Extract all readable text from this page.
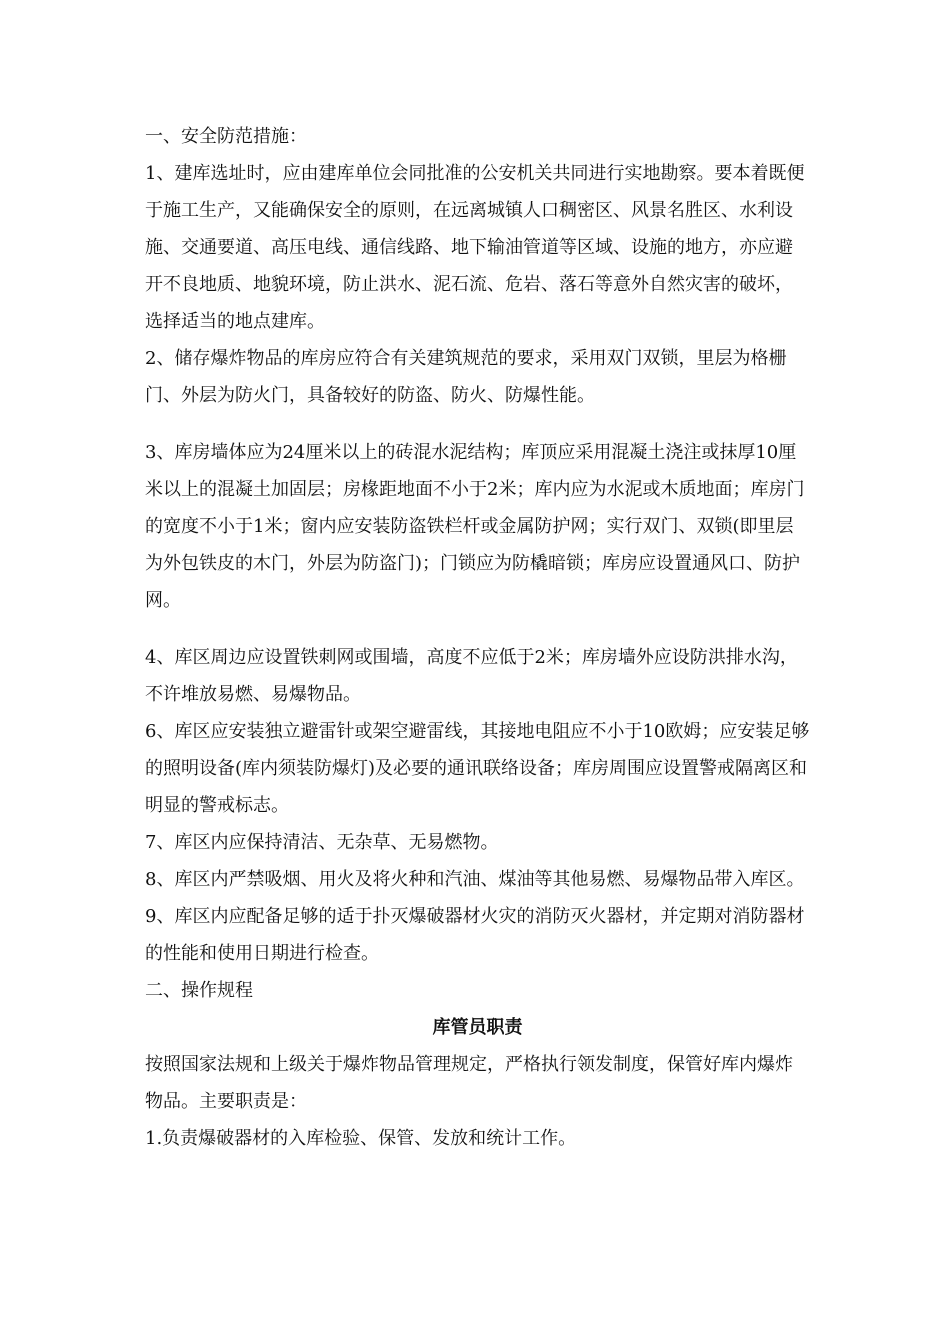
一、安全防范措施：

1、建库选址时，应由建库单位会同批准的公安机关共同进行实地勘察。要本着既便于施工生产，又能确保安全的原则，在远离城镇人口稠密区、风景名胜区、水利设施、交通要道、高压电线、通信线路、地下输油管道等区域、设施的地方，亦应避开不良地质、地貌环境，防止洪水、泥石流、危岩、落石等意外自然灾害的破坏，选择适当的地点建库。

2、储存爆炸物品的库房应符合有关建筑规范的要求，采用双门双锁，里层为格栅门、外层为防火门，具备较好的防盗、防火、防爆性能。

3、库房墙体应为24厘米以上的砖混水泥结构；库顶应采用混凝土浇注或抹厚10厘米以上的混凝土加固层；房椽距地面不小于2米；库内应为水泥或木质地面；库房门的宽度不小于1米；窗内应安装防盗铁栏杆或金属防护网；实行双门、双锁(即里层为外包铁皮的木门，外层为防盗门)；门锁应为防橇暗锁；库房应设置通风口、防护网。

4、库区周边应设置铁刺网或围墙，高度不应低于2米；库房墙外应设防洪排水沟，不许堆放易燃、易爆物品。

6、库区应安装独立避雷针或架空避雷线，其接地电阻应不小于10欧姆；应安装足够的照明设备(库内须装防爆灯)及必要的通讯联络设备；库房周围应设置警戒隔离区和明显的警戒标志。

7、库区内应保持清洁、无杂草、无易燃物。

8、库区内严禁吸烟、用火及将火种和汽油、煤油等其他易燃、易爆物品带入库区。

9、库区内应配备足够的适于扑灭爆破器材火灾的消防灭火器材，并定期对消防器材的性能和使用日期进行检查。

二、操作规程

库管员职责

按照国家法规和上级关于爆炸物品管理规定，严格执行领发制度，保管好库内爆炸物品。主要职责是：

1.负责爆破器材的入库检验、保管、发放和统计工作。
